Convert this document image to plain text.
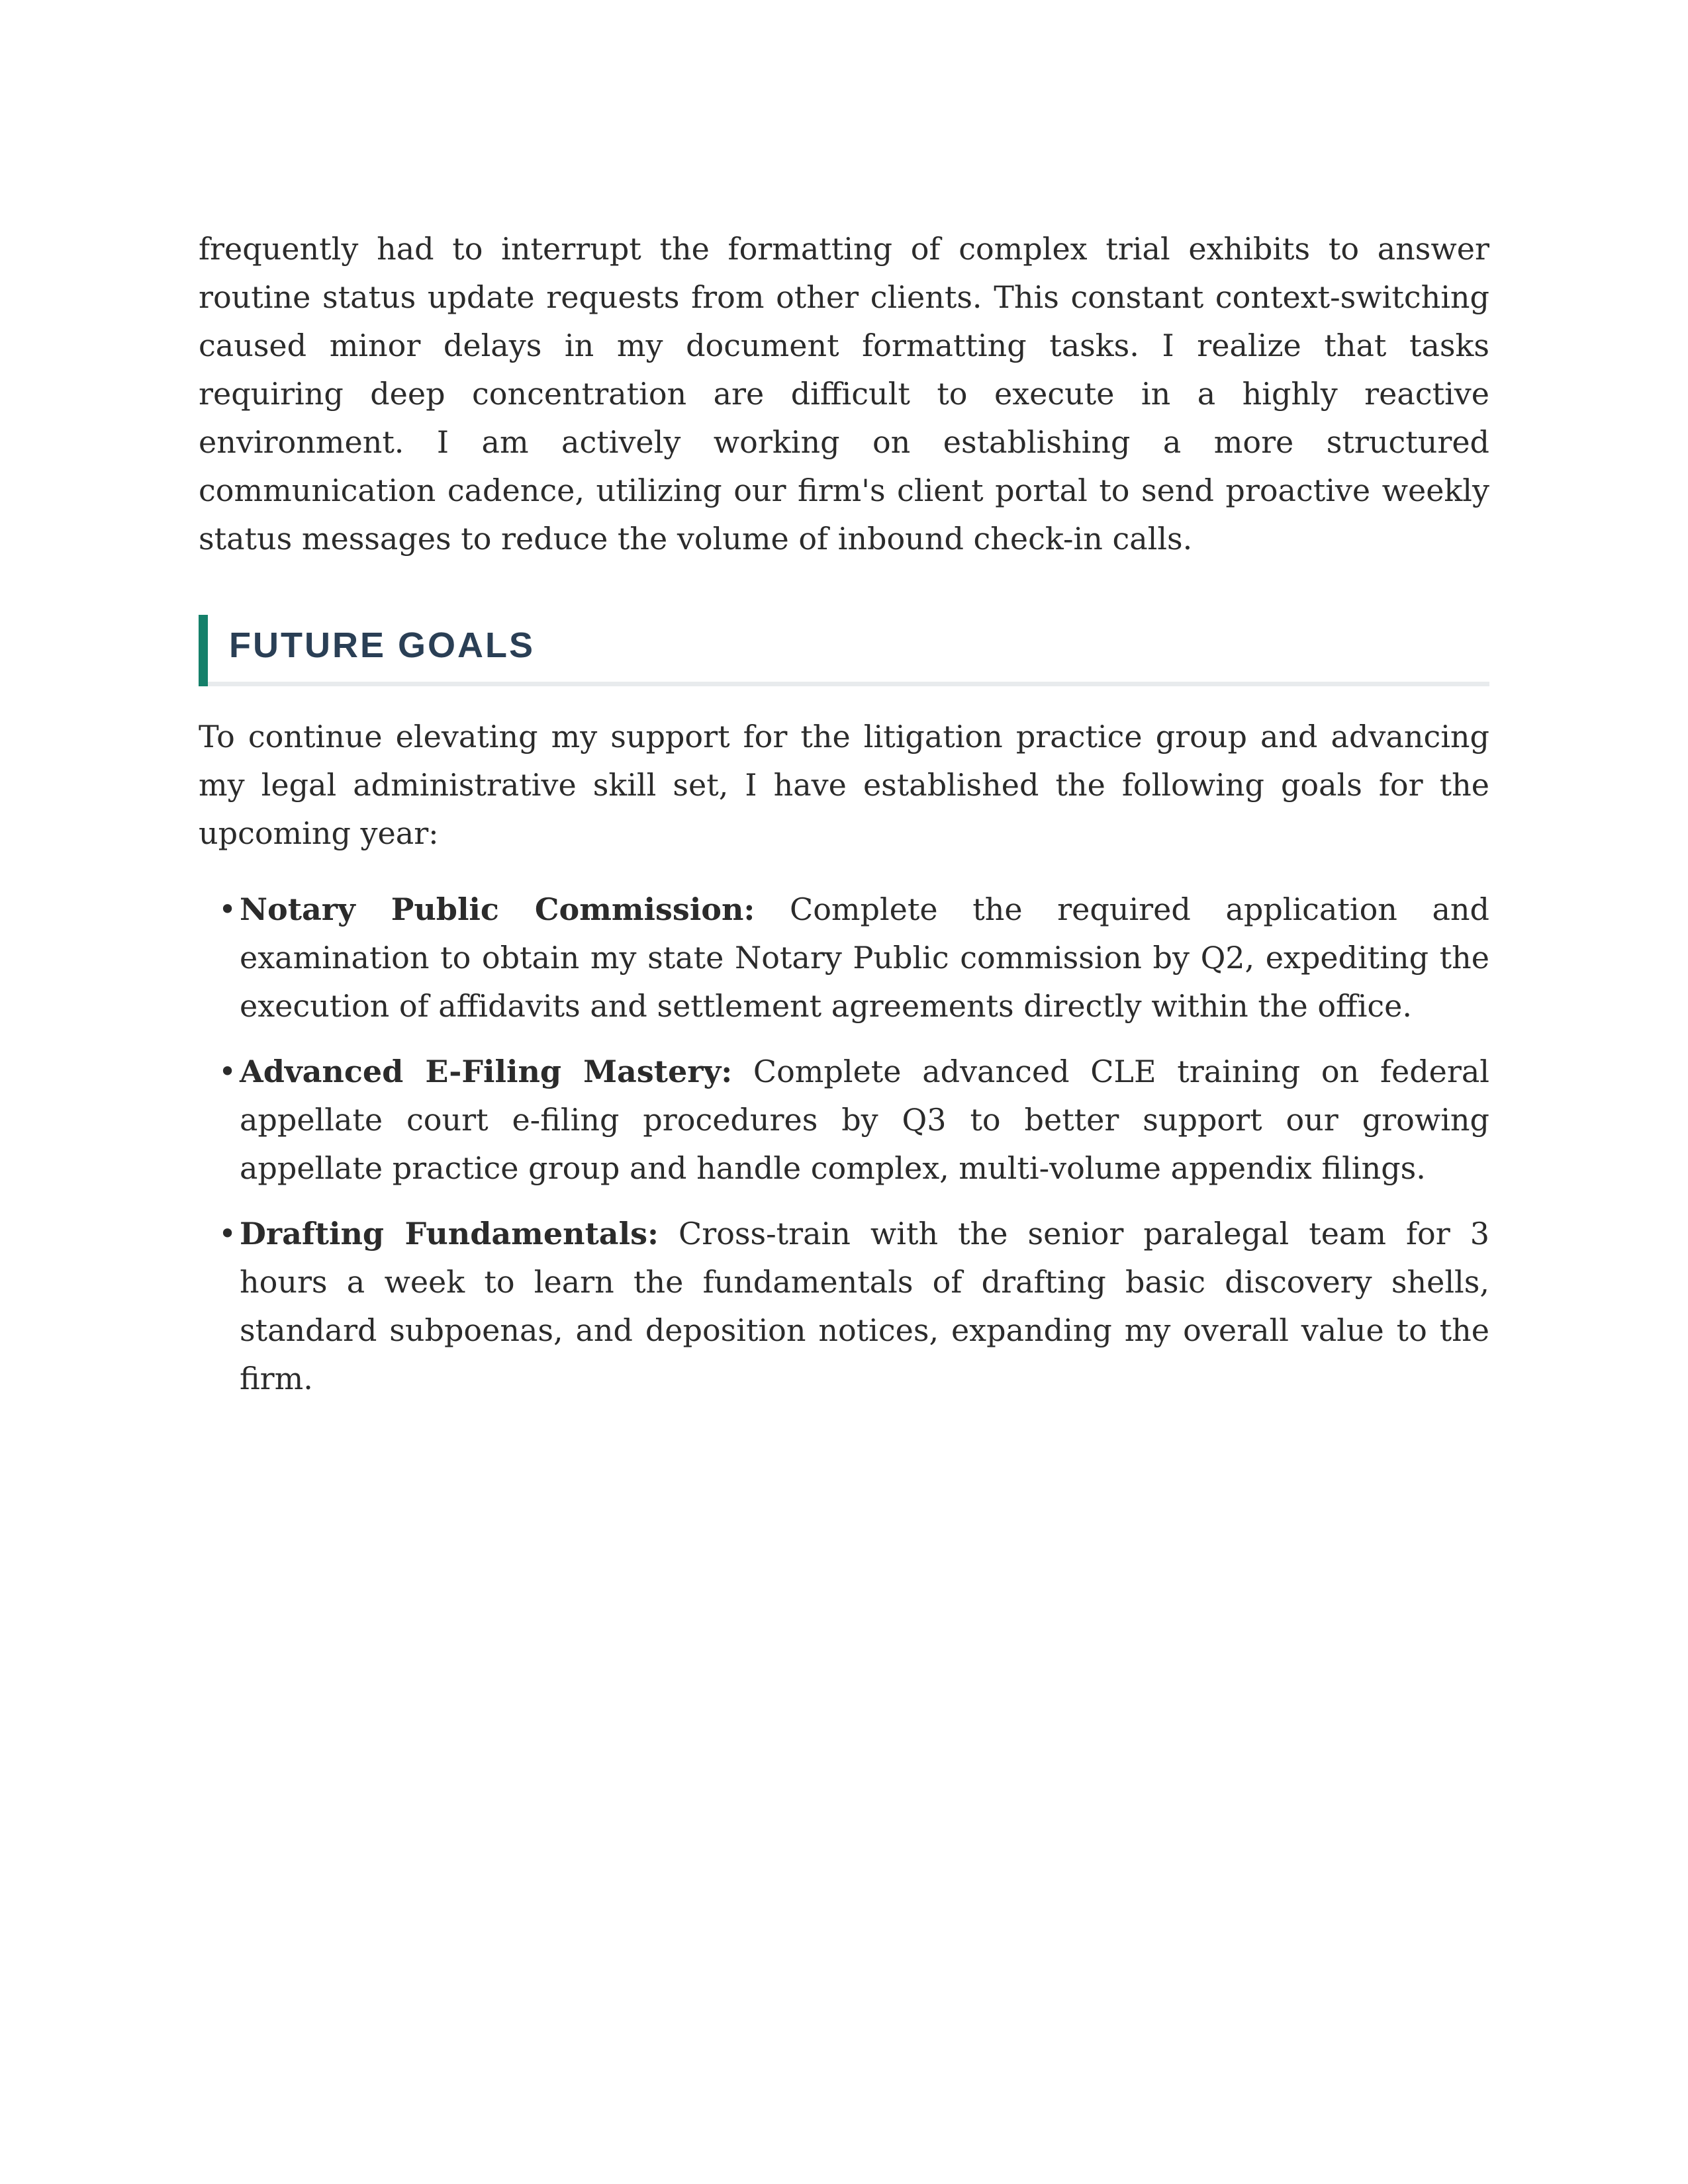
frequently had to interrupt the formatting of complex trial exhibits to answer routine status update requests from other clients. This constant context-switching caused minor delays in my document formatting tasks. I realize that tasks requiring deep concentration are difficult to execute in a highly reactive environment. I am actively working on establishing a more structured communication cadence, utilizing our firm's client portal to send proactive weekly status messages to reduce the volume of inbound check-in calls.

FUTURE GOALS

To continue elevating my support for the litigation practice group and advancing my legal administrative skill set, I have established the following goals for the upcoming year:

• Notary Public Commission: Complete the required application and examination to obtain my state Notary Public commission by Q2, expediting the execution of affidavits and settlement agreements directly within the office.
• Advanced E-Filing Mastery: Complete advanced CLE training on federal appellate court e-filing procedures by Q3 to better support our growing appellate practice group and handle complex, multi-volume appendix filings.
• Drafting Fundamentals: Cross-train with the senior paralegal team for 3 hours a week to learn the fundamentals of drafting basic discovery shells, standard subpoenas, and deposition notices, expanding my overall value to the firm.
